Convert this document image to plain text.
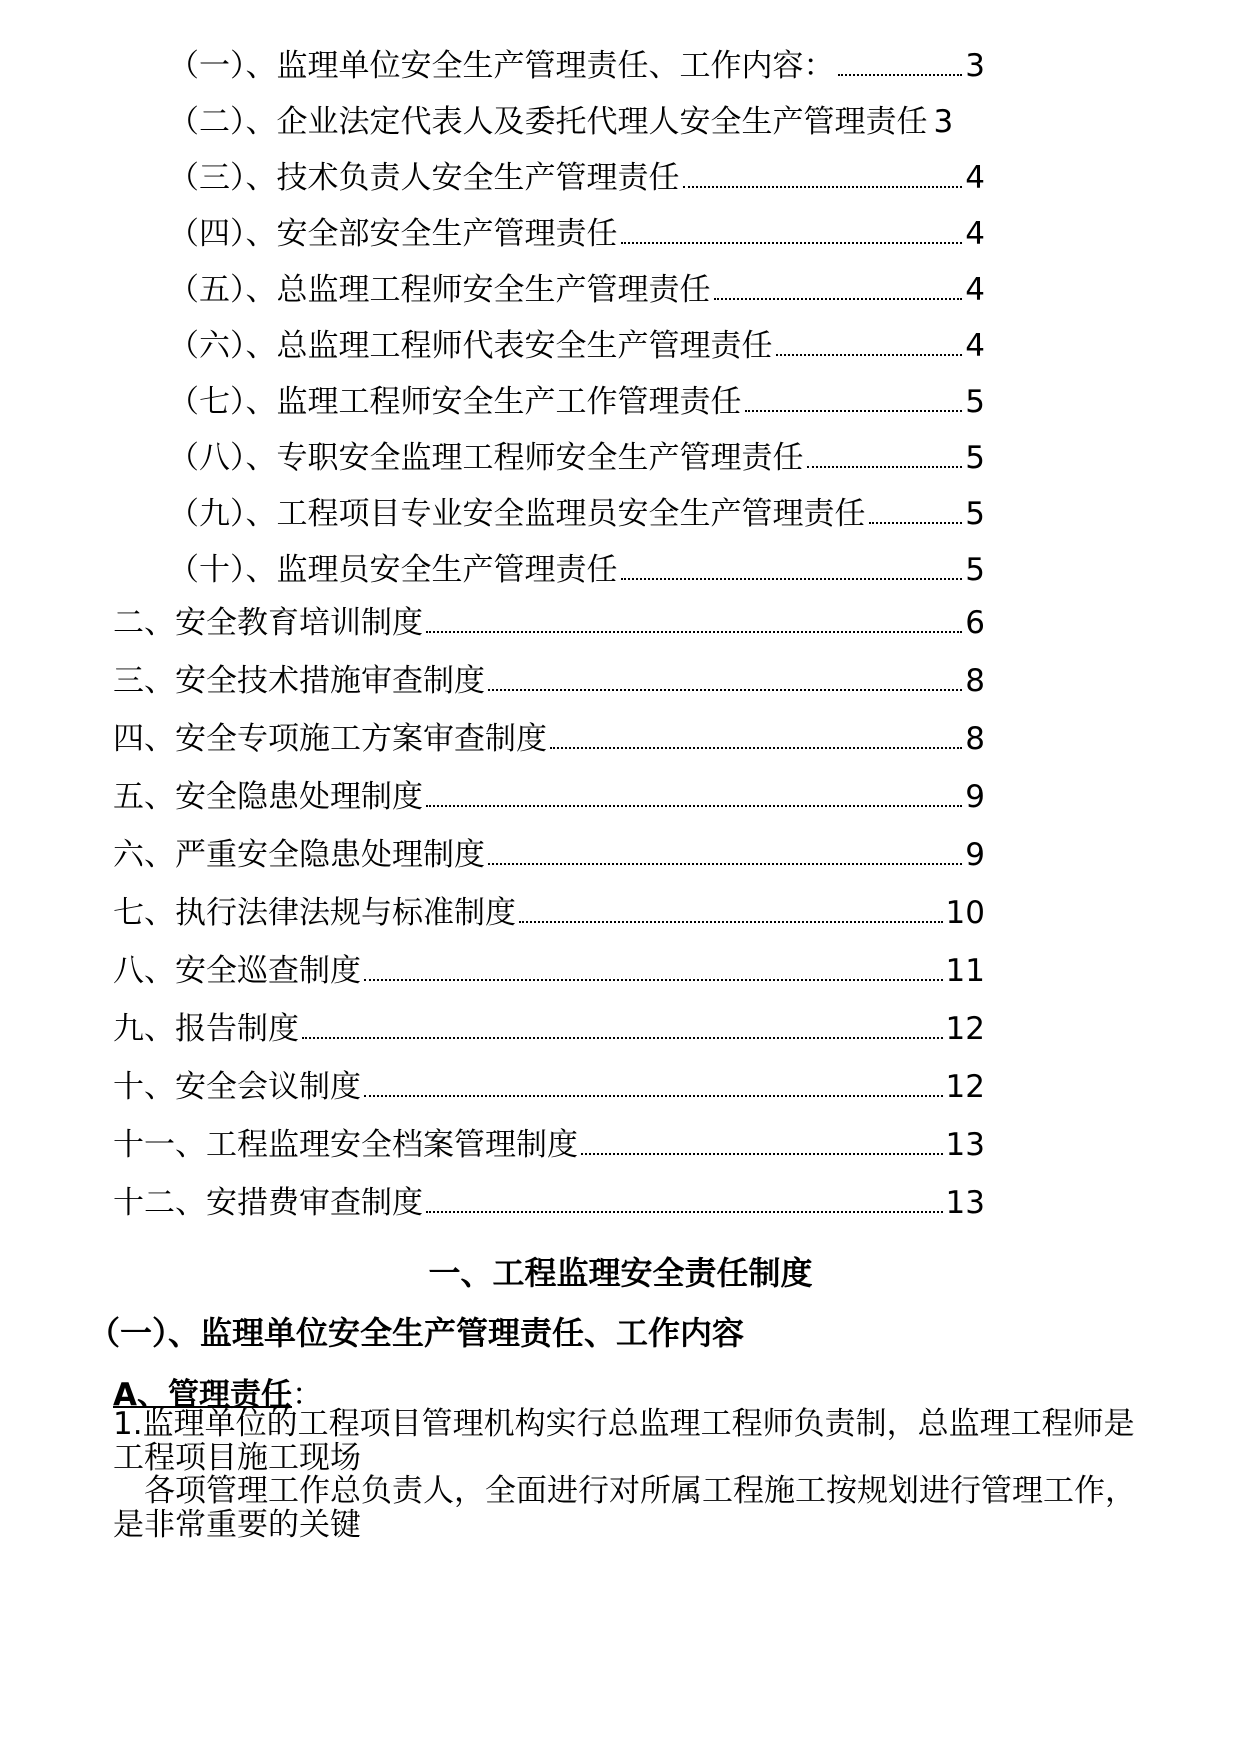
（一）、监理单位安全生产管理责任、工作内容：	3
（二）、企业法定代表人及委托代理人安全生产管理责任 3
（三）、技术负责人安全生产管理责任	4
（四）、安全部安全生产管理责任	4
（五）、总监理工程师安全生产管理责任	4
（六）、总监理工程师代表安全生产管理责任	4
（七）、监理工程师安全生产工作管理责任	5
（八）、专职安全监理工程师安全生产管理责任	5
（九）、工程项目专业安全监理员安全生产管理责任	5
（十）、监理员安全生产管理责任	5
二、安全教育培训制度	6
三、安全技术措施审查制度	8
四、安全专项施工方案审查制度	8
五、安全隐患处理制度	9
六、严重安全隐患处理制度	9
七、执行法律法规与标准制度	10
八、安全巡查制度	11
九、报告制度	12
十、安全会议制度	12
十一、工程监理安全档案管理制度	13
十二、安措费审查制度	13
一、工程监理安全责任制度
（一）、监理单位安全生产管理责任、工作内容
A、管理责任：
1.监理单位的工程项目管理机构实行总监理工程师负责制，总监理工程师是工程项目施工现场
各项管理工作总负责人，全面进行对所属工程施工按规划进行管理工作，是非常重要的关键
